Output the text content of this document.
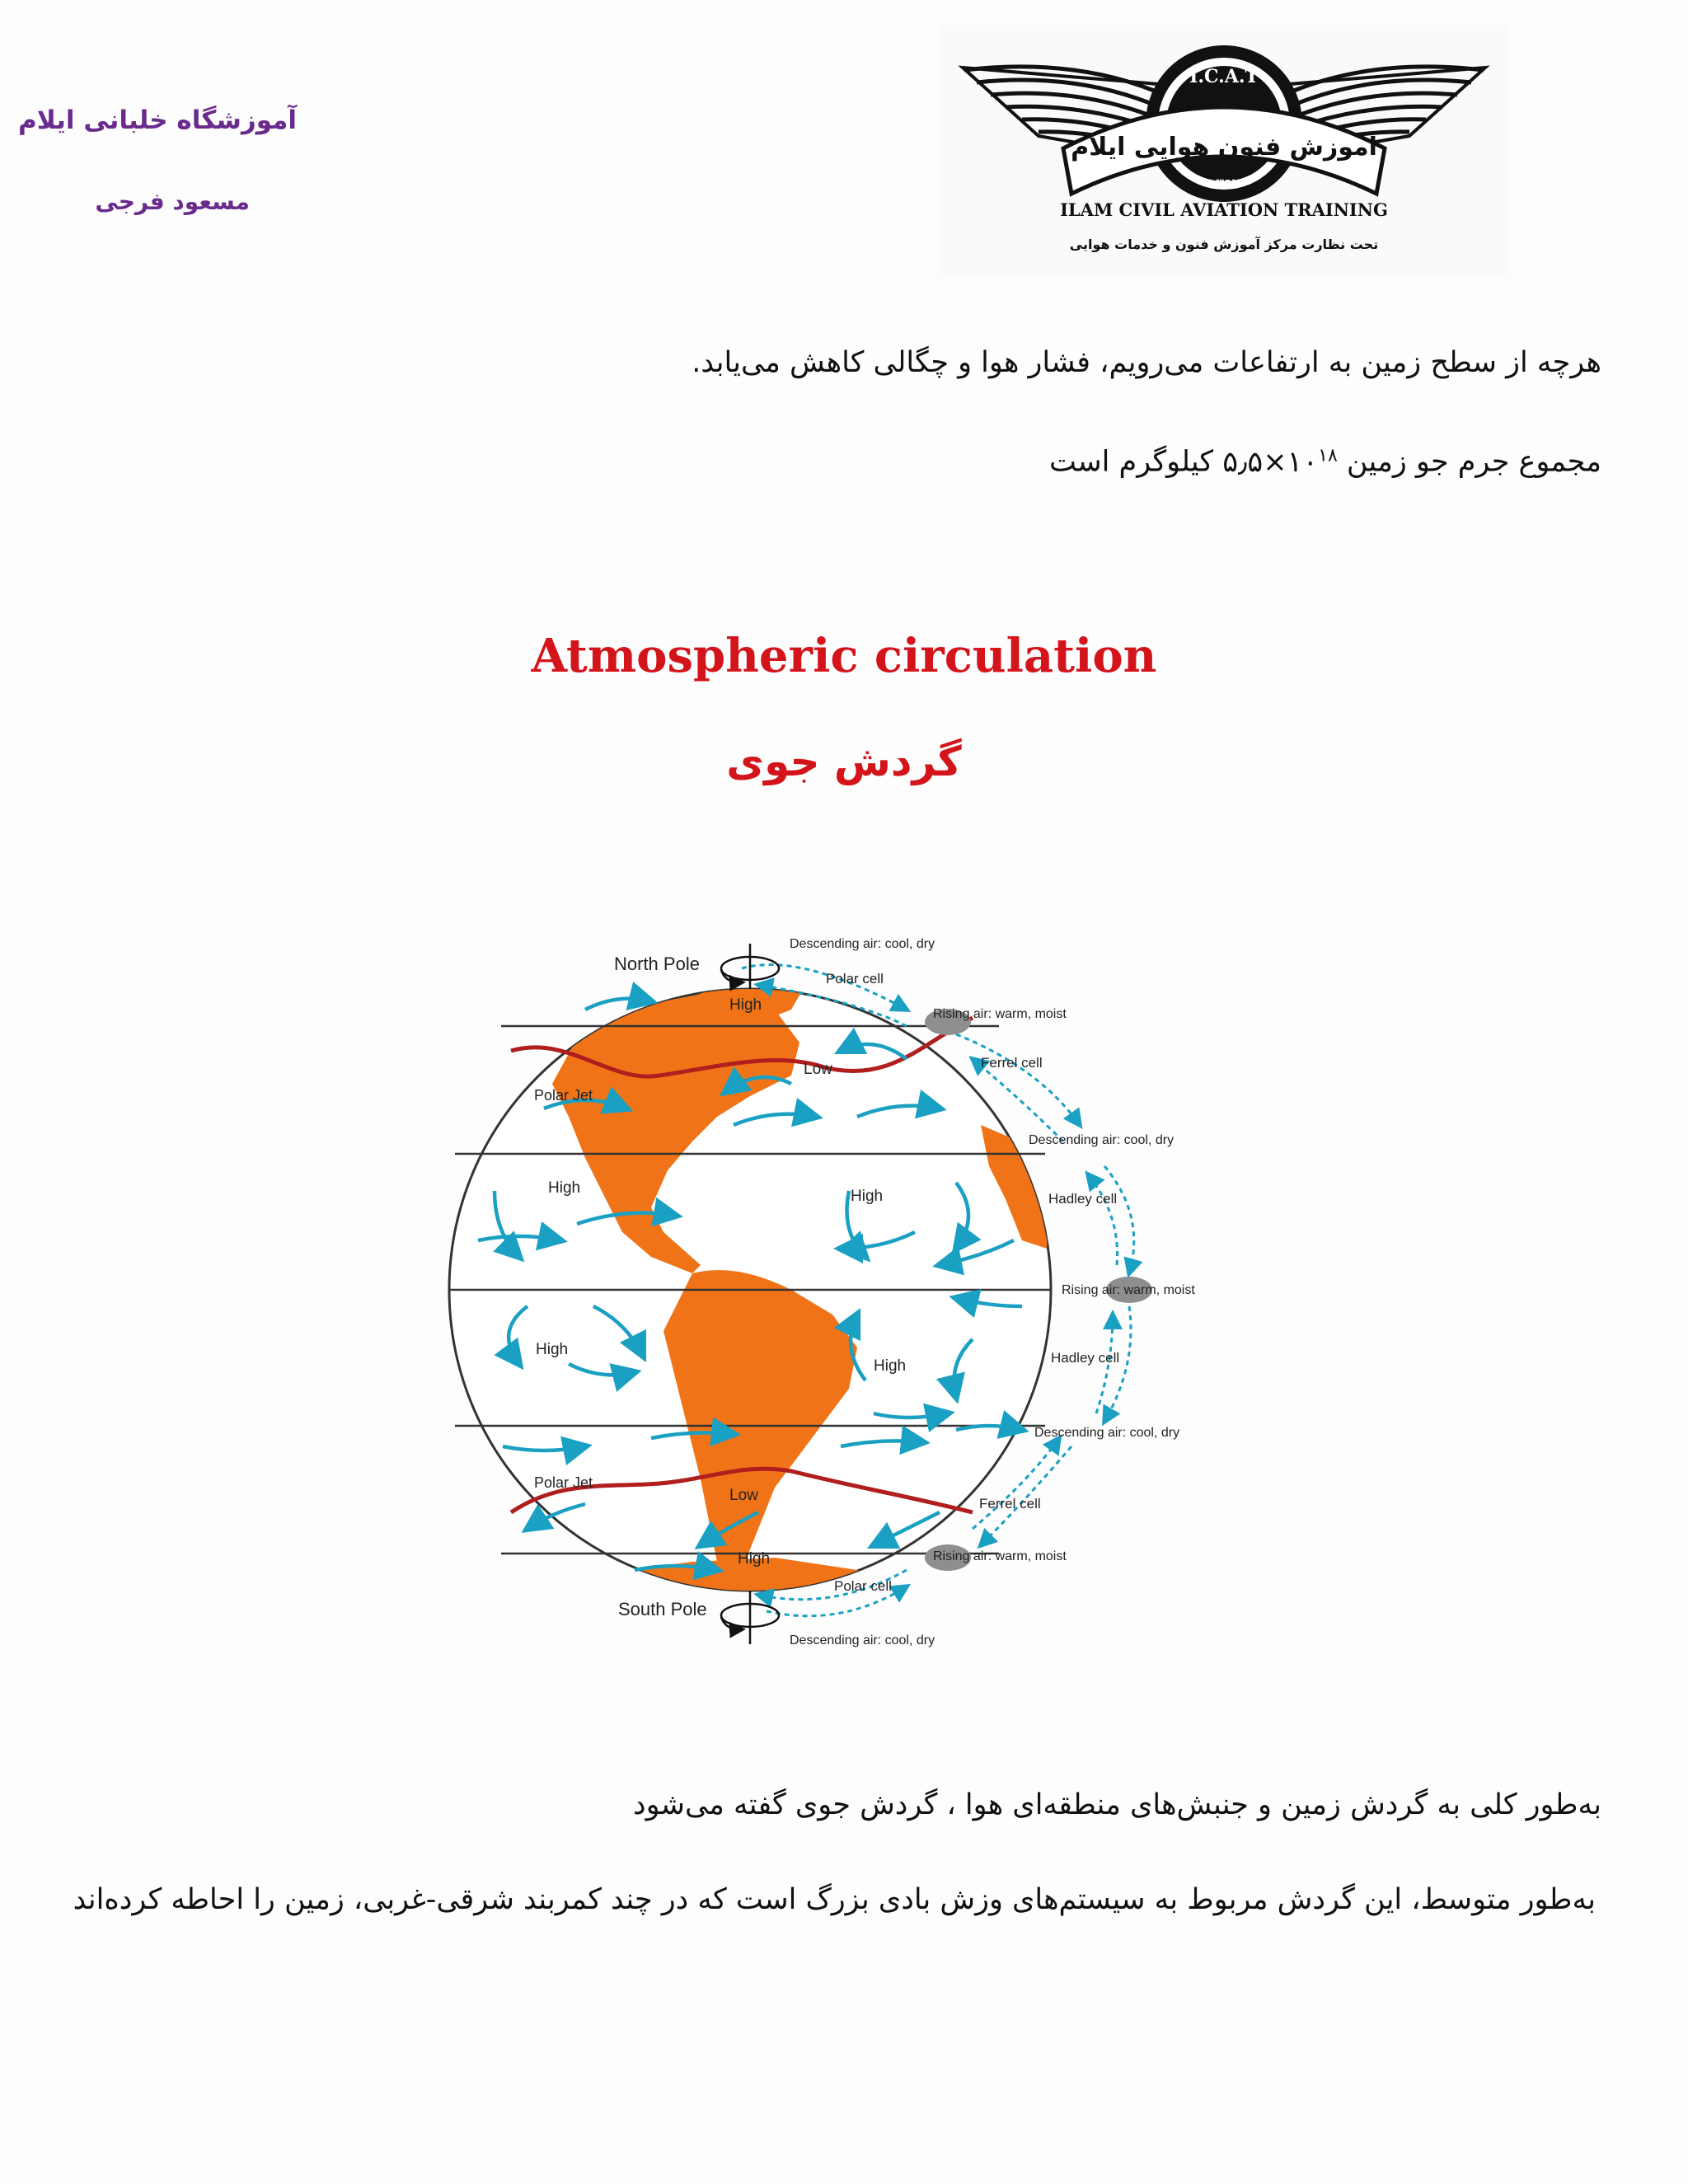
آموزشگاه خلبانی ایلام
مسعود فرجی
I.C.A.T
آموزش فنون هوایی ایلام
۱۳۹۲
ILAM CIVIL AVIATION TRAINING
تحت نظارت مرکز آموزش فنون و خدمات هوایی
هرچه از سطح زمین به ارتفاعات می‌رویم، فشار هوا و چگالی کاهش می‌یابد.
مجموع جرم جو زمین $۵٫۵\times ۱۰^{۱۸}$ کیلوگرم است
Atmospheric circulation
گردش جوی
North Pole
South Pole
Polar Jet
Polar Jet
High
Low
High	High
High
High
Low
High
Descending air: cool, dry
Polar cell
Rising air: warm, moist
Ferrel cell
Descending air: cool, dry
Hadley cell
Rising air: warm, moist
Hadley cell
Descending air: cool, dry
Ferrel cell
Rising air: warm, moist
Polar cell
Descending air: cool, dry
به‌طور کلی به گردش زمین و جنبش‌های منطقه‌ای هوا ، گردش جوی گفته می‌شود
به‌طور متوسط، این گردش مربوط به سیستم‌های وزش بادی بزرگ است که در چند کمربند شرقی-غربی، زمین را احاطه کرده‌اند
